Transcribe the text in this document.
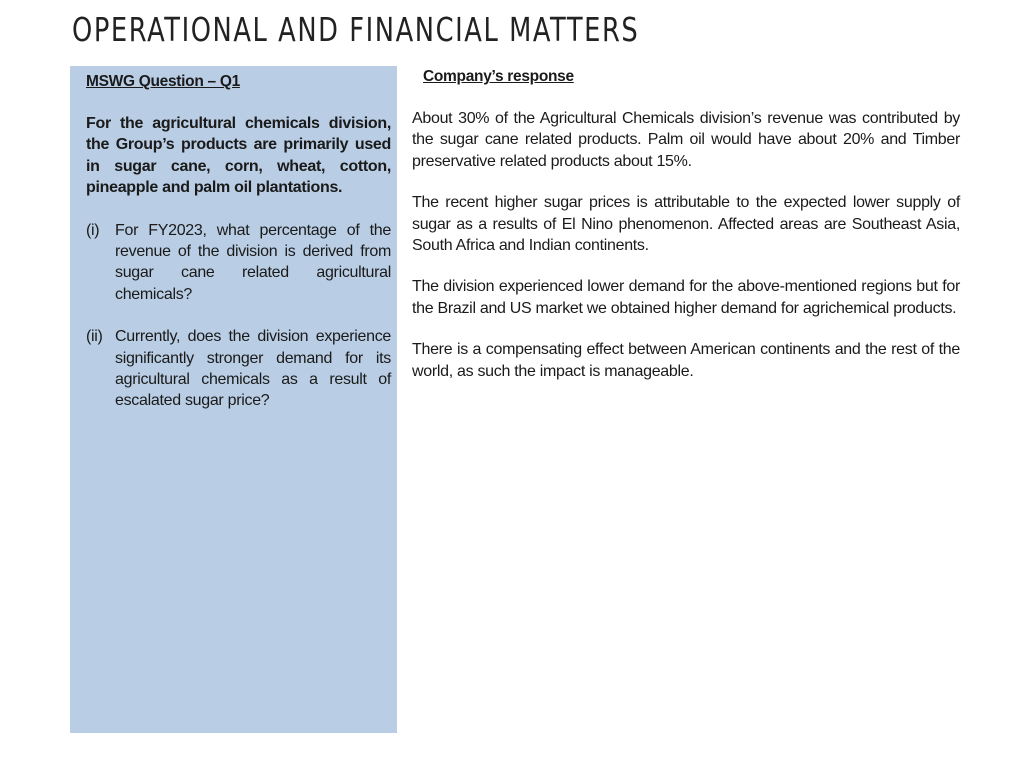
OPERATIONAL AND FINANCIAL MATTERS

MSWG Question – Q1

For the agricultural chemicals division, the Group’s products are primarily used in sugar cane, corn, wheat, cotton, pineapple and palm oil plantations.

(i) For FY2023, what percentage of the revenue of the division is derived from sugar cane related agricultural chemicals?

(ii) Currently, does the division experience significantly stronger demand for its agricultural chemicals as a result of escalated sugar price?

Company’s response

About 30% of the Agricultural Chemicals division’s revenue was contributed by the sugar cane related products. Palm oil would have about 20% and Timber preservative related products about 15%.

The recent higher sugar prices is attributable to the expected lower supply of sugar as a results of El Nino phenomenon. Affected areas are Southeast Asia, South Africa and Indian continents.

The division experienced lower demand for the above-mentioned regions but for the Brazil and US market we obtained higher demand for agrichemical products.

There is a compensating effect between American continents and the rest of the world, as such the impact is manageable.
